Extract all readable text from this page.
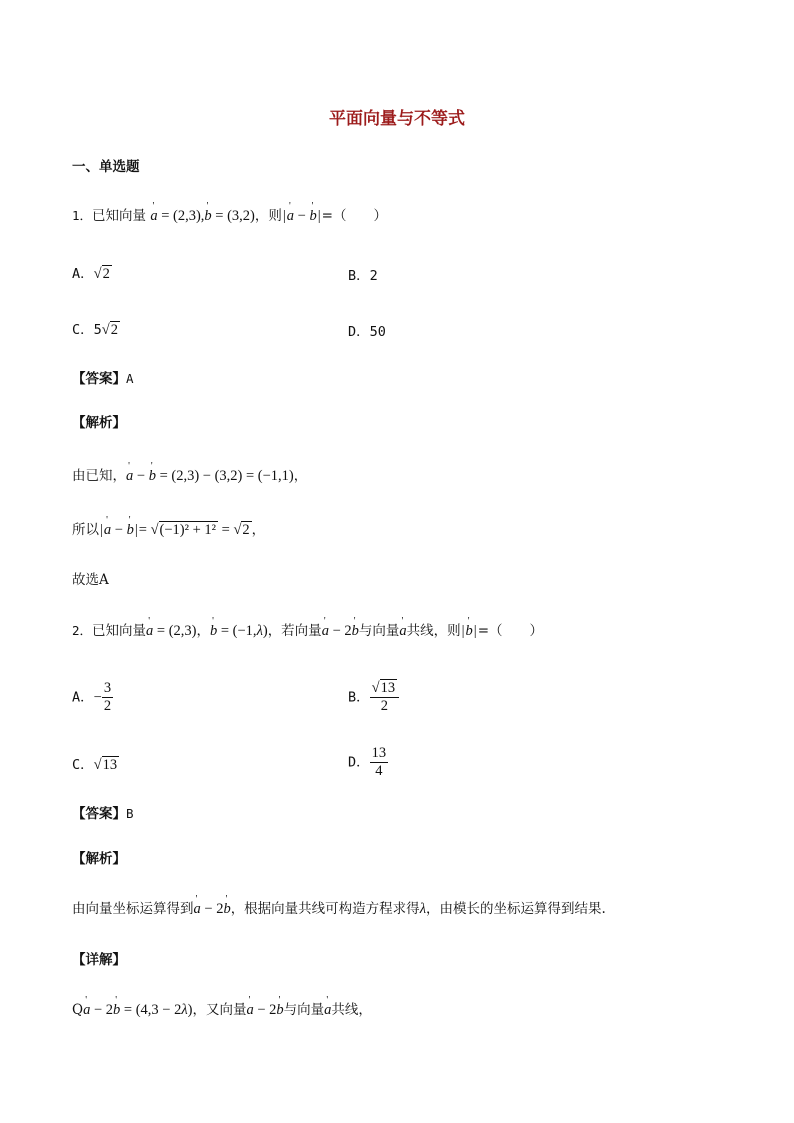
平面向量与不等式
一、单选题
1．已知向量 ' a = (2,3),' b = (3,2)，则|' a − ' b|=（　　）
A．√2	B．2
C．5√2	D．50
【答案】A
【解析】
由已知，' a − ' b = (2,3) − (3,2) = (−1,1)，
所以|' a − ' b|= √(−1)² + 1² = √2 ，
故选A
2．已知向量' a = (2,3)，' b = (−1,λ)，若向量' a − 2' b与向量' a共线，则|' b|=（　　）
A．− $\frac{3}{2}$	B． $\frac{√13}{2}$
C．√13	D． $\frac{13}{4}$
【答案】B
【解析】
由向量坐标运算得到' a − 2' b，根据向量共线可构造方程求得λ，由模长的坐标运算得到结果.
【详解】
Q' a − 2' b = (4,3 − 2λ)，又向量' a − 2' b与向量' a共线，
